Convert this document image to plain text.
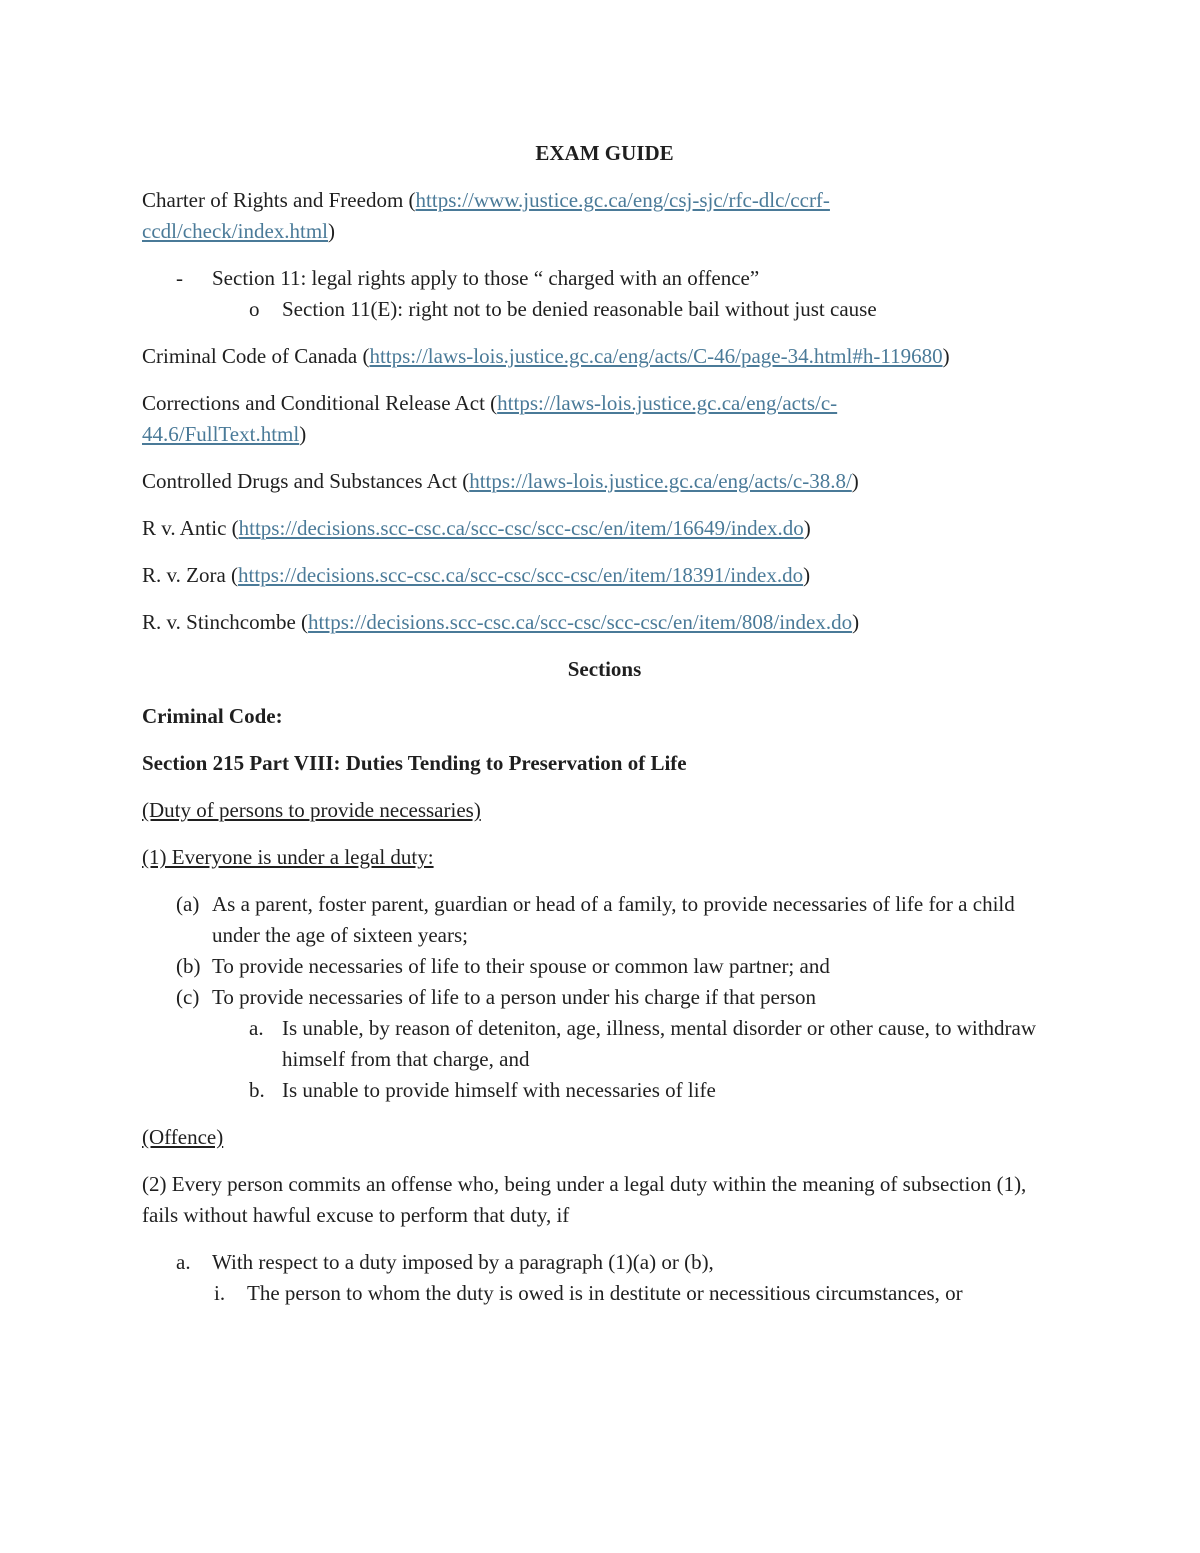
EXAM GUIDE

Charter of Rights and Freedom (https://www.justice.gc.ca/eng/csj-sjc/rfc-dlc/ccrf-
ccdl/check/index.html)

- Section 11: legal rights apply to those “ charged with an offence”
o Section 11(E): right not to be denied reasonable bail without just cause

Criminal Code of Canada (https://laws-lois.justice.gc.ca/eng/acts/C-46/page-34.html#h-119680)

Corrections and Conditional Release Act (https://laws-lois.justice.gc.ca/eng/acts/c-
44.6/FullText.html)

Controlled Drugs and Substances Act (https://laws-lois.justice.gc.ca/eng/acts/c-38.8/)

R v. Antic (https://decisions.scc-csc.ca/scc-csc/scc-csc/en/item/16649/index.do)

R. v. Zora (https://decisions.scc-csc.ca/scc-csc/scc-csc/en/item/18391/index.do)

R. v. Stinchcombe (https://decisions.scc-csc.ca/scc-csc/scc-csc/en/item/808/index.do)

Sections

Criminal Code:

Section 215 Part VIII: Duties Tending to Preservation of Life

(Duty of persons to provide necessaries)

(1) Everyone is under a legal duty:

(a) As a parent, foster parent, guardian or head of a family, to provide necessaries of life for a child under the age of sixteen years;
(b) To provide necessaries of life to their spouse or common law partner; and
(c) To provide necessaries of life to a person under his charge if that person
a. Is unable, by reason of deteniton, age, illness, mental disorder or other cause, to withdraw himself from that charge, and
b. Is unable to provide himself with necessaries of life

(Offence)

(2) Every person commits an offense who, being under a legal duty within the meaning of subsection (1), fails without hawful excuse to perform that duty, if

a. With respect to a duty imposed by a paragraph (1)(a) or (b),
i. The person to whom the duty is owed is in destitute or necessitious circumstances, or
